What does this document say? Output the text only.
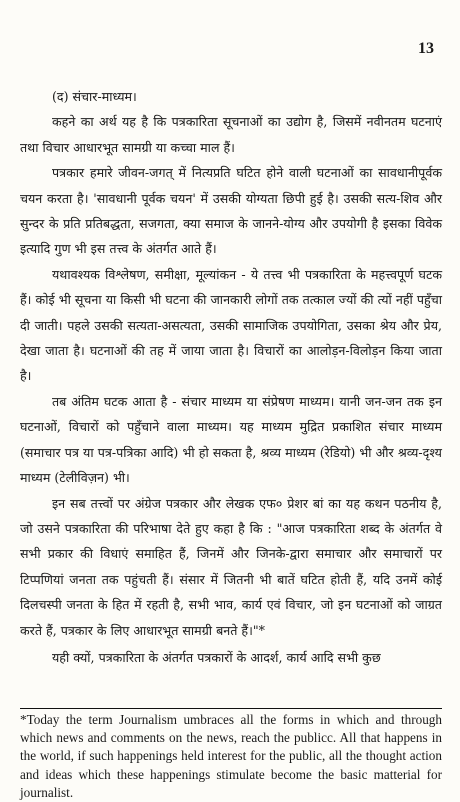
13

(द) संचार-माध्यम।

कहने का अर्थ यह है कि पत्रकारिता सूचनाओं का उद्योग है, जिसमें नवीनतम घटनाएं तथा विचार आधारभूत सामग्री या कच्चा माल हैं।

पत्रकार हमारे जीवन-जगत् में नित्यप्रति घटित होने वाली घटनाओं का सावधानीपूर्वक चयन करता है। 'सावधानी पूर्वक चयन' में उसकी योग्यता छिपी हुई है। उसकी सत्य-शिव और सुन्दर के प्रति प्रतिबद्धता, सजगता, क्या समाज के जानने-योग्य और उपयोगी है इसका विवेक इत्यादि गुण भी इस तत्त्व के अंतर्गत आते हैं।

यथावश्यक विश्लेषण, समीक्षा, मूल्यांकन - ये तत्त्व भी पत्रकारिता के महत्त्वपूर्ण घटक हैं। कोई भी सूचना या किसी भी घटना की जानकारी लोगों तक तत्काल ज्यों की त्यों नहीं पहुँचा दी जाती। पहले उसकी सत्यता-असत्यता, उसकी सामाजिक उपयोगिता, उसका श्रेय और प्रेय, देखा जाता है। घटनाओं की तह में जाया जाता है। विचारों का आलोड़न-विलोड़न किया जाता है।

तब अंतिम घटक आता है - संचार माध्यम या संप्रेषण माध्यम। यानी जन-जन तक इन घटनाओं, विचारों को पहुँचाने वाला माध्यम। यह माध्यम मुद्रित प्रकाशित संचार माध्यम (समाचार पत्र या पत्र-पत्रिका आदि) भी हो सकता है, श्रव्य माध्यम (रेडियो) भी और श्रव्य-दृश्य माध्यम (टेलीविज़न) भी।

इन सब तत्त्वों पर अंग्रेज पत्रकार और लेखक एफ० प्रेशर बां का यह कथन पठनीय है, जो उसने पत्रकारिता की परिभाषा देते हुए कहा है कि : "आज पत्रकारिता शब्द के अंतर्गत वे सभी प्रकार की विधाएं समाहित हैं, जिनमें और जिनके-द्वारा समाचार और समाचारों पर टिप्पणियां जनता तक पहुंचती हैं। संसार में जितनी भी बातें घटित होती हैं, यदि उनमें कोई दिलचस्पी जनता के हित में रहती है, सभी भाव, कार्य एवं विचार, जो इन घटनाओं को जाग्रत करते हैं, पत्रकार के लिए आधारभूत सामग्री बनते हैं।"*

यही क्यों, पत्रकारिता के अंतर्गत पत्रकारों के आदर्श, कार्य आदि सभी कुछ

*Today the term Journalism umbraces all the forms in which and through which news and comments on the news, reach the publicc. All that happens in the world, if such happenings held interest for the public, all the thought action and ideas which these happenings stimulate become the basic matterial for journalist.
